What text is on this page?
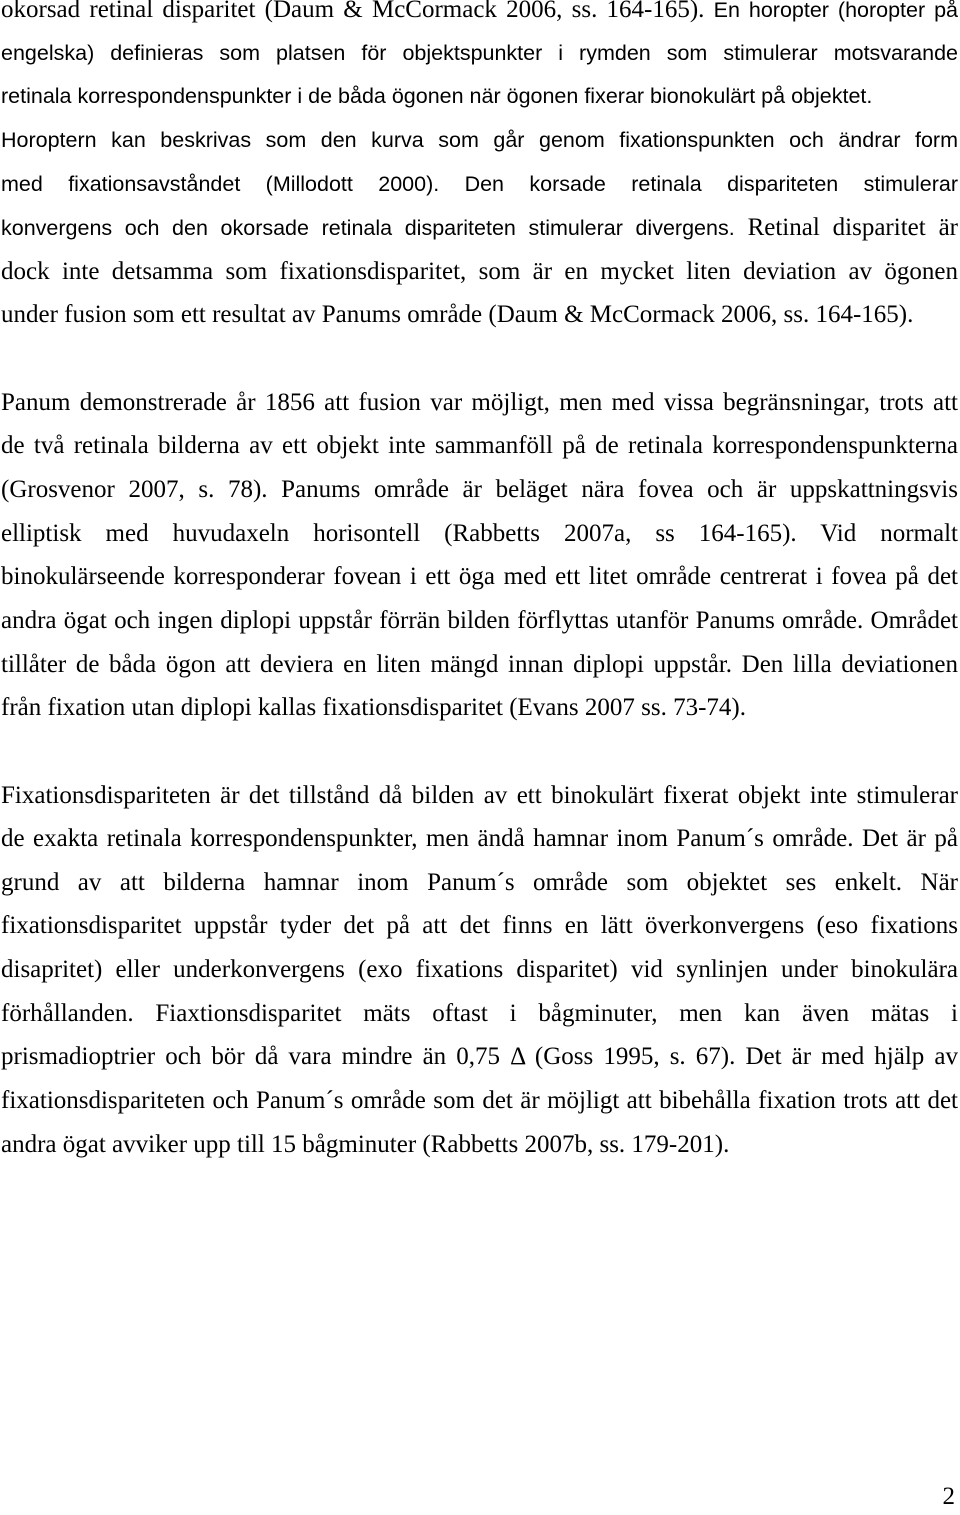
okorsad retinal disparitet (Daum & McCormack 2006, ss. 164-165). En horopter (horopter på
engelska) definieras som platsen för objektspunkter i rymden som stimulerar motsvarande
retinala korrespondenspunkter i de båda ögonen när ögonen fixerar bionokulärt på objektet.
Horoptern kan beskrivas som den kurva som går genom fixationspunkten och ändrar form
med fixationsavståndet (Millodott 2000). Den korsade retinala dispariteten stimulerar
konvergens och den okorsade retinala dispariteten stimulerar divergens. Retinal disparitet är
dock inte detsamma som fixationsdisparitet, som är en mycket liten deviation av ögonen
under fusion som ett resultat av Panums område (Daum & McCormack 2006, ss. 164-165).
Panum demonstrerade år 1856 att fusion var möjligt, men med vissa begränsningar, trots att
de två retinala bilderna av ett objekt inte sammanföll på de retinala korrespondenspunkterna
(Grosvenor 2007, s. 78). Panums område är beläget nära fovea och är uppskattningsvis
elliptisk med huvudaxeln horisontell (Rabbetts 2007a, ss 164-165). Vid normalt
binokulärseende korresponderar fovean i ett öga med ett litet område centrerat i fovea på det
andra ögat och ingen diplopi uppstår förrän bilden förflyttas utanför Panums område. Området
tillåter de båda ögon att deviera en liten mängd innan diplopi uppstår. Den lilla deviationen
från fixation utan diplopi kallas fixationsdisparitet (Evans 2007 ss. 73-74).
Fixationsdispariteten är det tillstånd då bilden av ett binokulärt fixerat objekt inte stimulerar
de exakta retinala korrespondenspunkter, men ändå hamnar inom Panum´s område. Det är på
grund av att bilderna hamnar inom Panum´s område som objektet ses enkelt. När
fixationsdisparitet uppstår tyder det på att det finns en lätt överkonvergens (eso fixations
disapritet) eller underkonvergens (exo fixations disparitet) vid synlinjen under binokulära
förhållanden. Fiaxtionsdisparitet mäts oftast i bågminuter, men kan även mätas i
prismadioptrier och bör då vara mindre än 0,75 Δ (Goss 1995, s. 67). Det är med hjälp av
fixationsdispariteten och Panum´s område som det är möjligt att bibehålla fixation trots att det
andra ögat avviker upp till 15 bågminuter (Rabbetts 2007b, ss. 179-201).
2
